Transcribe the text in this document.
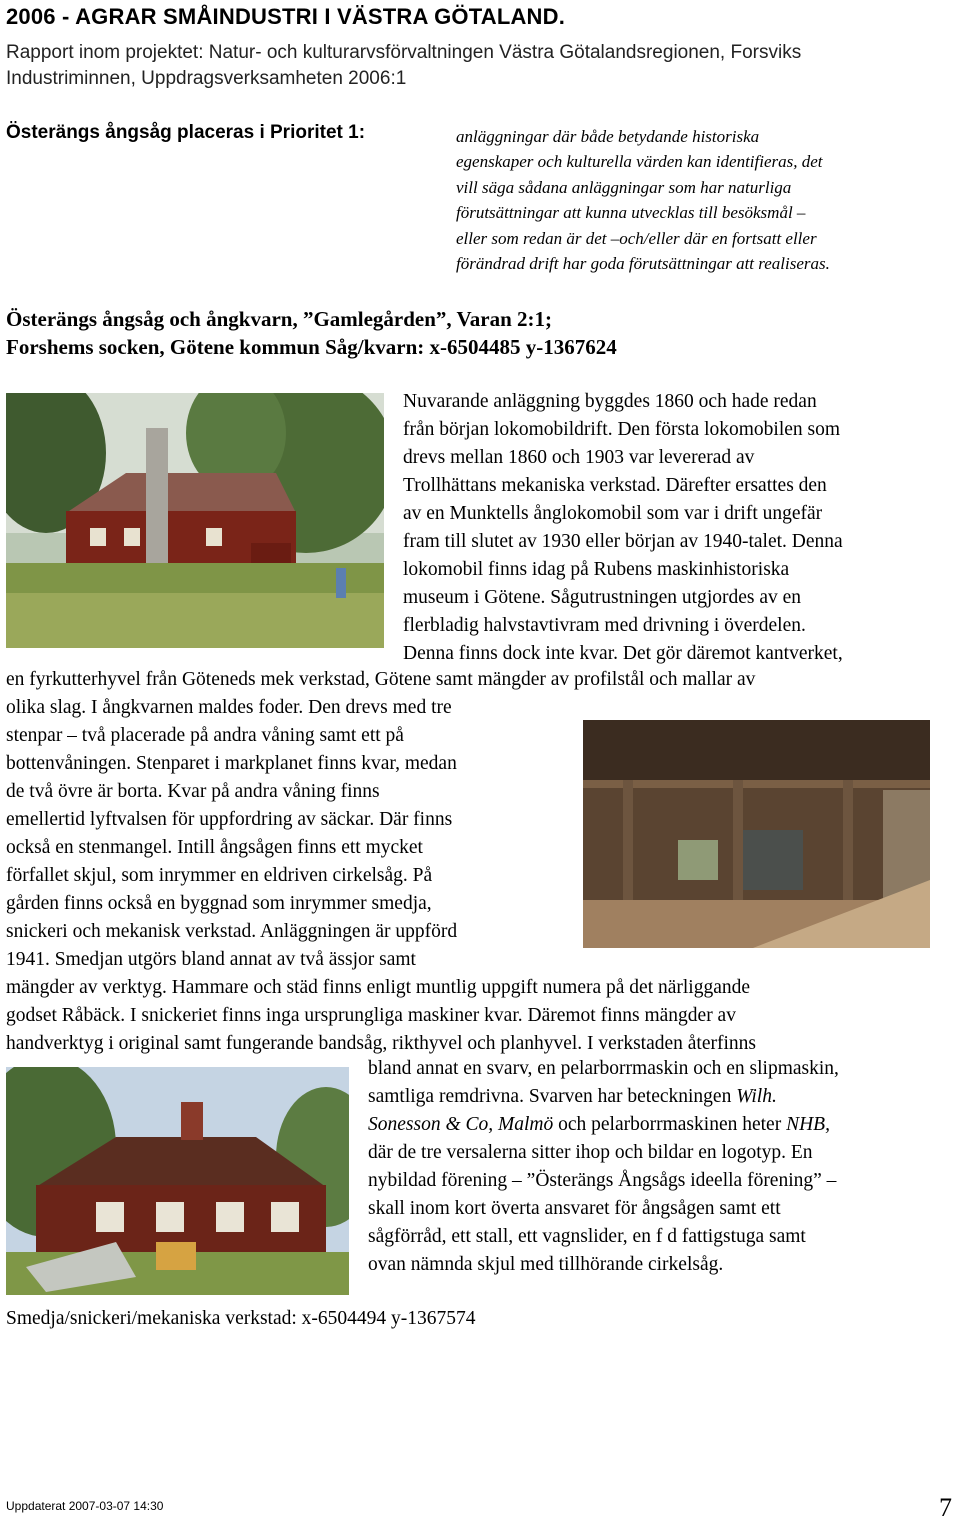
2006 - AGRAR SMÅINDUSTRI I VÄSTRA GÖTALAND.
Rapport inom projektet: Natur- och kulturarvsförvaltningen Västra Götalandsregionen, Forsviks
Industriminnen, Uppdragsverksamheten 2006:1
Österängs ångsåg placeras i Prioritet 1:	anläggningar där både betydande historiska
egenskaper och kulturella värden kan identifieras, det
vill säga sådana anläggningar som har naturliga
förutsättningar att kunna utvecklas till besöksmål –
eller som redan är det –och/eller där en fortsatt eller
förändrad drift har goda förutsättningar att realiseras.
Österängs ångsåg och ångkvarn, ”Gamlegården”, Varan 2:1;
Forshems socken, Götene kommun Såg/kvarn: x-6504485 y-1367624
Nuvarande anläggning byggdes 1860 och hade redan
från början lokomobildrift. Den första lokomobilen som
drevs mellan 1860 och 1903 var levererad av
Trollhättans mekaniska verkstad. Därefter ersattes den
av en Munktells ånglokomobil som var i drift ungefär
fram till slutet av 1930 eller början av 1940-talet. Denna
lokomobil finns idag på Rubens maskinhistoriska
museum i Götene. Sågutrustningen utgjordes av en
flerbladig halvstavtivram med drivning i överdelen.
Denna finns dock inte kvar. Det gör däremot kantverket,
en fyrkutterhyvel från Göteneds mek verkstad, Götene samt mängder av profilstål och mallar av
olika slag. I ångkvarnen maldes foder. Den drevs med tre
stenpar – två placerade på andra våning samt ett på
bottenvåningen. Stenparet i markplanet finns kvar, medan
de två övre är borta. Kvar på andra våning finns
emellertid lyftvalsen för uppfordring av säckar. Där finns
också en stenmangel. Intill ångsågen finns ett mycket
förfallet skjul, som inrymmer en eldriven cirkelsåg. På
gården finns också en byggnad som inrymmer smedja,
snickeri och mekanisk verkstad. Anläggningen är uppförd
1941. Smedjan utgörs bland annat av två ässjor samt
mängder av verktyg. Hammare och städ finns enligt muntlig uppgift numera på det närliggande
godset Råbäck. I snickeriet finns inga ursprungliga maskiner kvar. Däremot finns mängder av
handverktyg i original samt fungerande bandsåg, rikthyvel och planhyvel. I verkstaden återfinns
bland annat en svarv, en pelarborrmaskin och en slipmaskin,
samtliga remdrivna. Svarven har beteckningen Wilh.
Sonesson & Co, Malmö och pelarborrmaskinen heter NHB,
där de tre versalerna sitter ihop och bildar en logotyp. En
nybildad förening – ”Österängs Ångsågs ideella förening” –
skall inom kort överta ansvaret för ångsågen samt ett
sågförråd, ett stall, ett vagnslider, en f d fattigstuga samt
ovan nämnda skjul med tillhörande cirkelsåg.
Smedja/snickeri/mekaniska verkstad: x-6504494 y-1367574
Uppdaterat 2007-03-07 14:30	7
